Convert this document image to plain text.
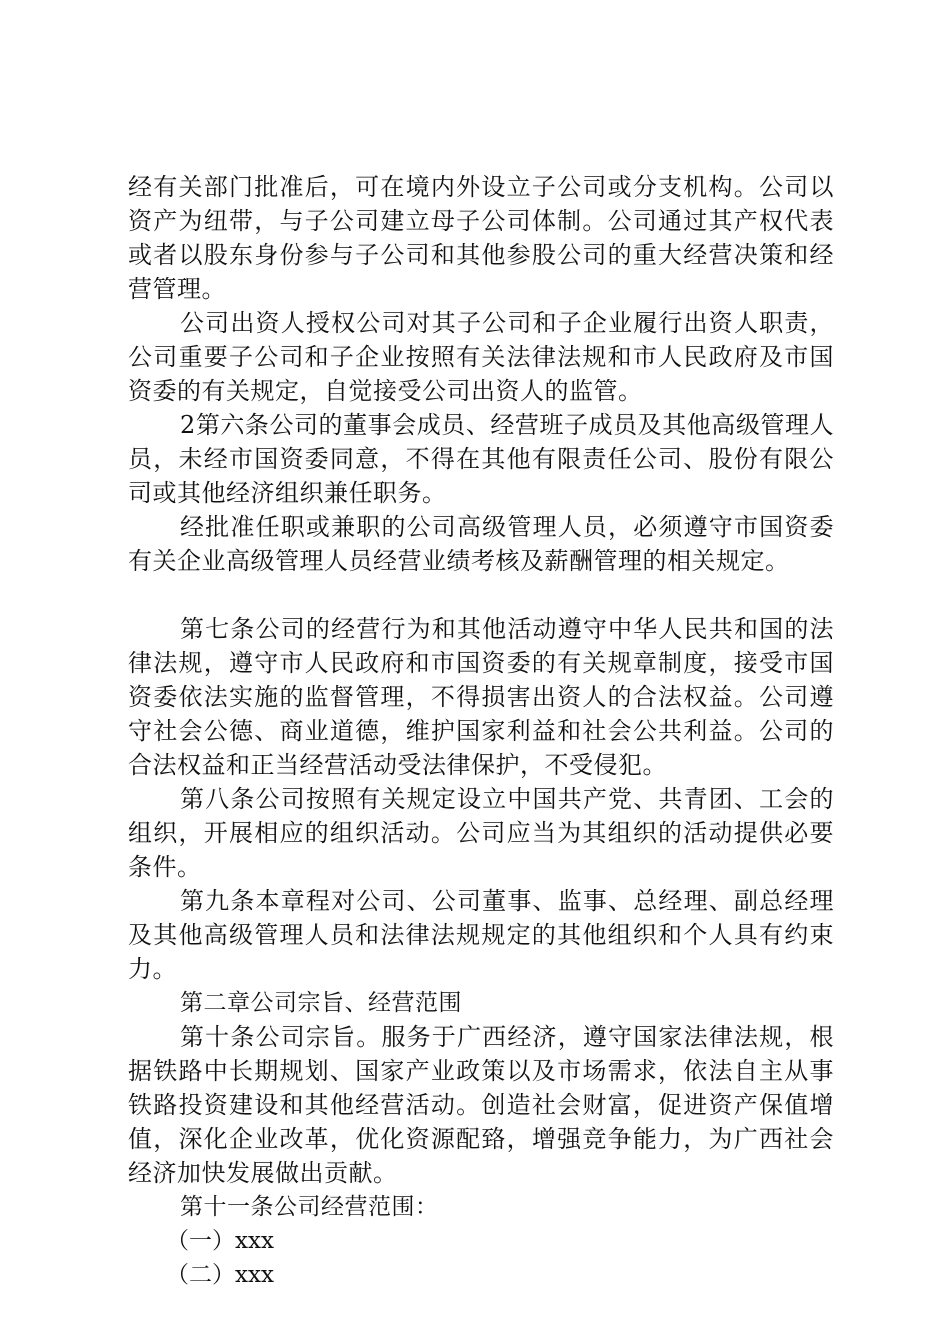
经有关部门批准后，可在境内外设立子公司或分支机构。公司以资产为纽带，与子公司建立母子公司体制。公司通过其产权代表或者以股东身份参与子公司和其他参股公司的重大经营决策和经营管理。

公司出资人授权公司对其子公司和子企业履行出资人职责，公司重要子公司和子企业按照有关法律法规和市人民政府及市国资委的有关规定，自觉接受公司出资人的监管。

2第六条公司的董事会成员、经营班子成员及其他高级管理人员，未经市国资委同意，不得在其他有限责任公司、股份有限公司或其他经济组织兼任职务。

经批准任职或兼职的公司高级管理人员，必须遵守市国资委有关企业高级管理人员经营业绩考核及薪酬管理的相关规定。

第七条公司的经营行为和其他活动遵守中华人民共和国的法律法规，遵守市人民政府和市国资委的有关规章制度，接受市国资委依法实施的监督管理，不得损害出资人的合法权益。公司遵守社会公德、商业道德，维护国家利益和社会公共利益。公司的合法权益和正当经营活动受法律保护，不受侵犯。

第八条公司按照有关规定设立中国共产党、共青团、工会的组织，开展相应的组织活动。公司应当为其组织的活动提供必要条件。

第九条本章程对公司、公司董事、监事、总经理、副总经理及其他高级管理人员和法律法规规定的其他组织和个人具有约束力。

第二章公司宗旨、经营范围

第十条公司宗旨。服务于广西经济，遵守国家法律法规，根据铁路中长期规划、国家产业政策以及市场需求，依法自主从事铁路投资建设和其他经营活动。创造社会财富，促进资产保值增值，深化企业改革，优化资源配臵，增强竞争能力，为广西社会经济加快发展做出贡献。

第十一条公司经营范围：

（一）xxx

（二）xxx
